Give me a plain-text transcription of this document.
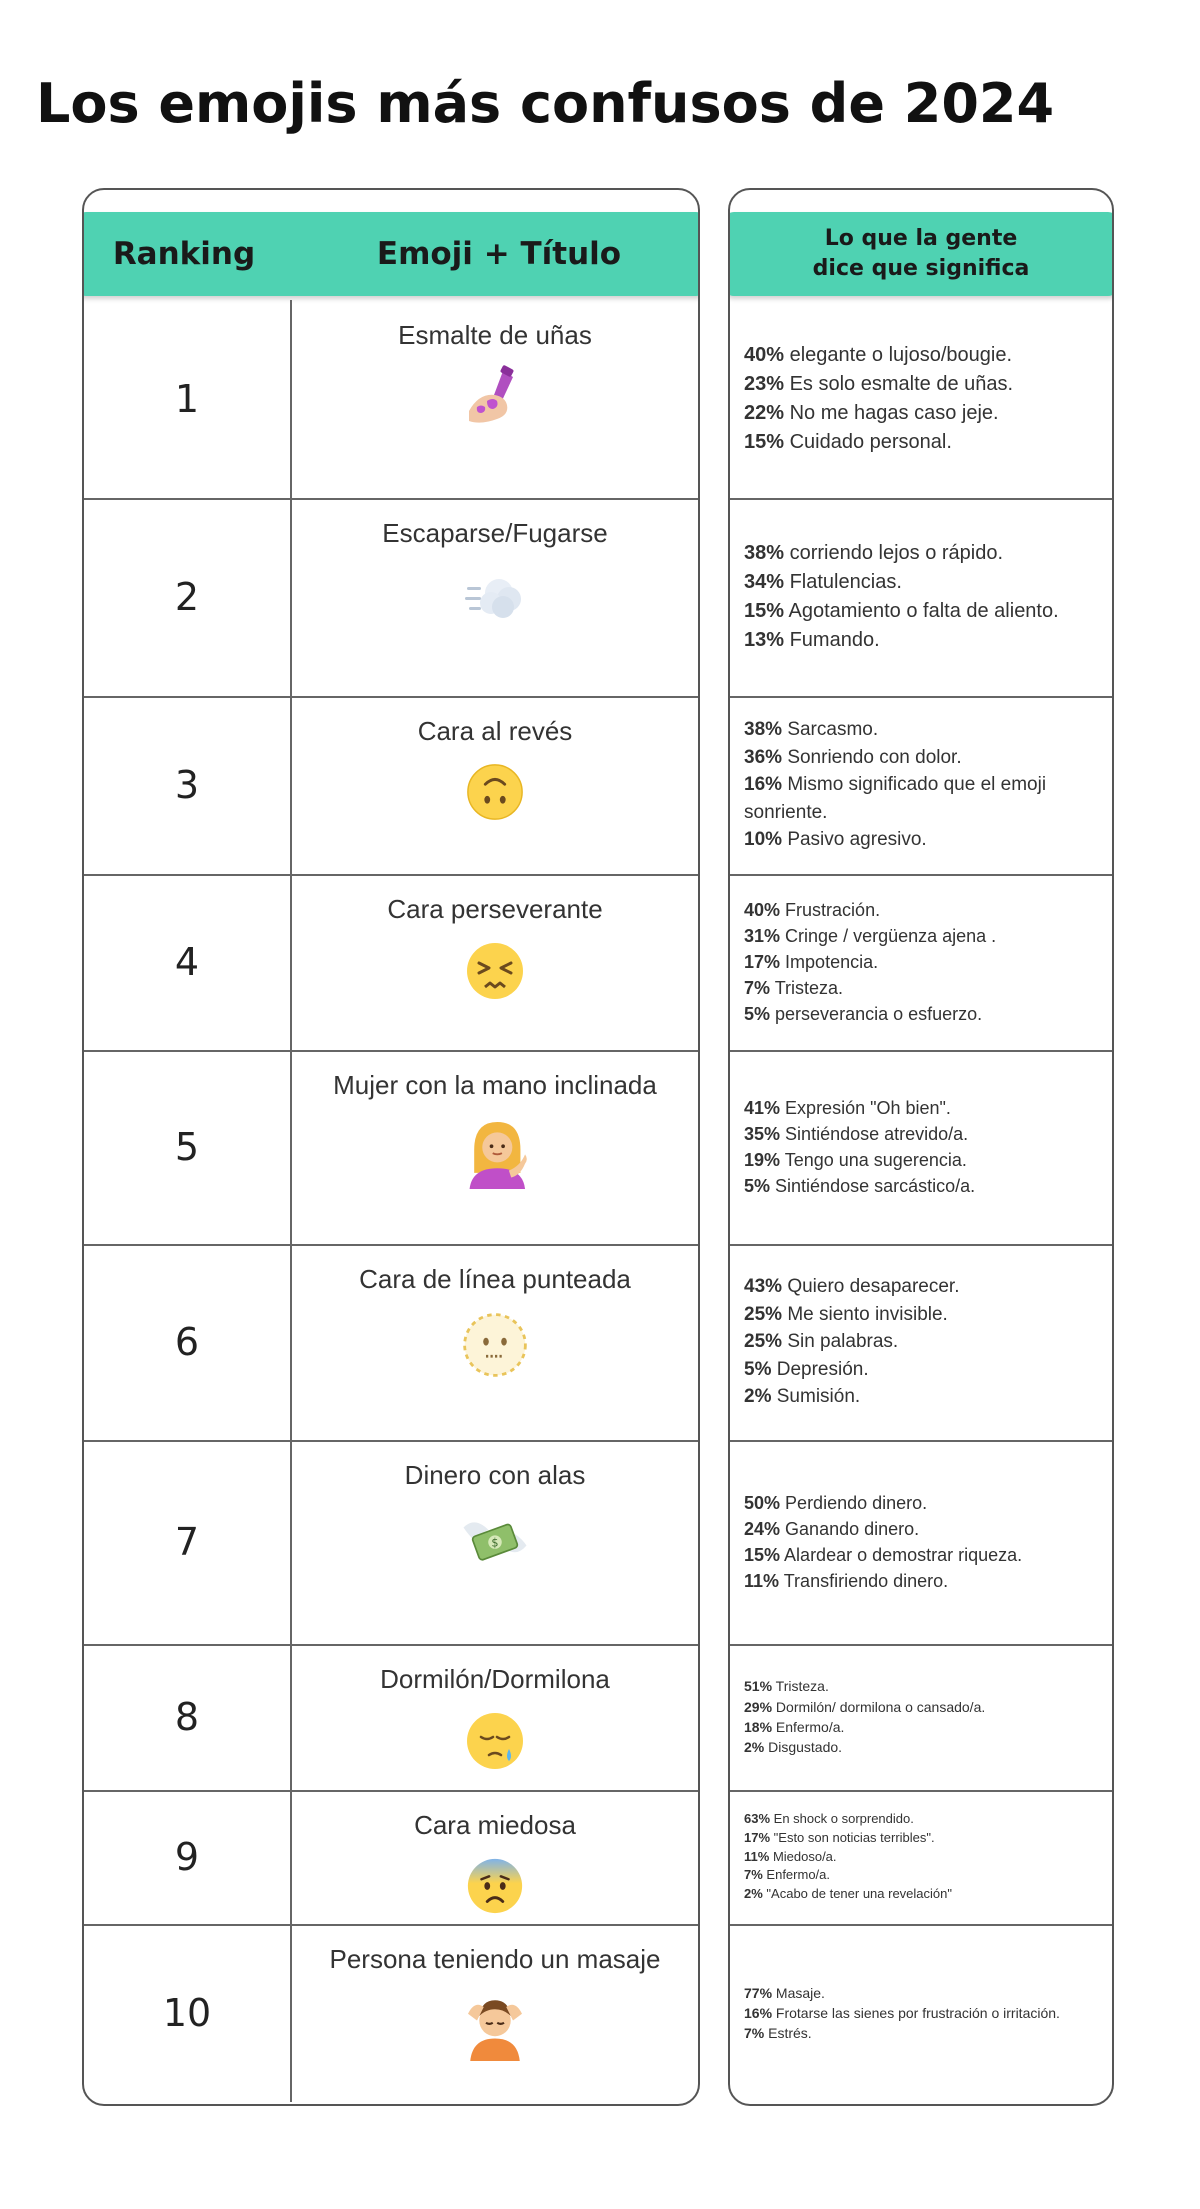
Los emojis más confusos de 2024
Ranking	Emoji + Título
1
Esmalte de uñas
2
Escaparse/Fugarse
3
Cara al revés
4
Cara perseverante
5
Mujer con la mano inclinada
6
Cara de línea punteada
7
Dinero con alas
$
8
Dormilón/Dormilona
9
Cara miedosa
10
Persona teniendo un masaje
Lo que la gente
dice que significa
40% elegante o lujoso/bougie.
23% Es solo esmalte de uñas.
22% No me hagas caso jeje.
15% Cuidado personal.
38% corriendo lejos o rápido.
34% Flatulencias.
15% Agotamiento o falta de aliento.
13% Fumando.
38% Sarcasmo.
36% Sonriendo con dolor.
16% Mismo significado que el emoji sonriente.
10% Pasivo agresivo.
40% Frustración.
31% Cringe / vergüenza ajena .
17% Impotencia.
7% Tristeza.
5% perseverancia o esfuerzo.
41% Expresión "Oh bien".
35% Sintiéndose atrevido/a.
19% Tengo una sugerencia.
5% Sintiéndose sarcástico/a.
43% Quiero desaparecer.
25% Me siento invisible.
25% Sin palabras.
5% Depresión.
2% Sumisión.
50% Perdiendo dinero.
24% Ganando dinero.
15% Alardear o demostrar riqueza.
11% Transfiriendo dinero.
51% Tristeza.
29% Dormilón/ dormilona o cansado/a.
18% Enfermo/a.
2% Disgustado.
63% En shock o sorprendido.
17% "Esto son noticias terribles".
11% Miedoso/a.
7% Enfermo/a.
2% "Acabo de tener una revelación"
77% Masaje.
16% Frotarse las sienes por frustración o irritación.
7% Estrés.
